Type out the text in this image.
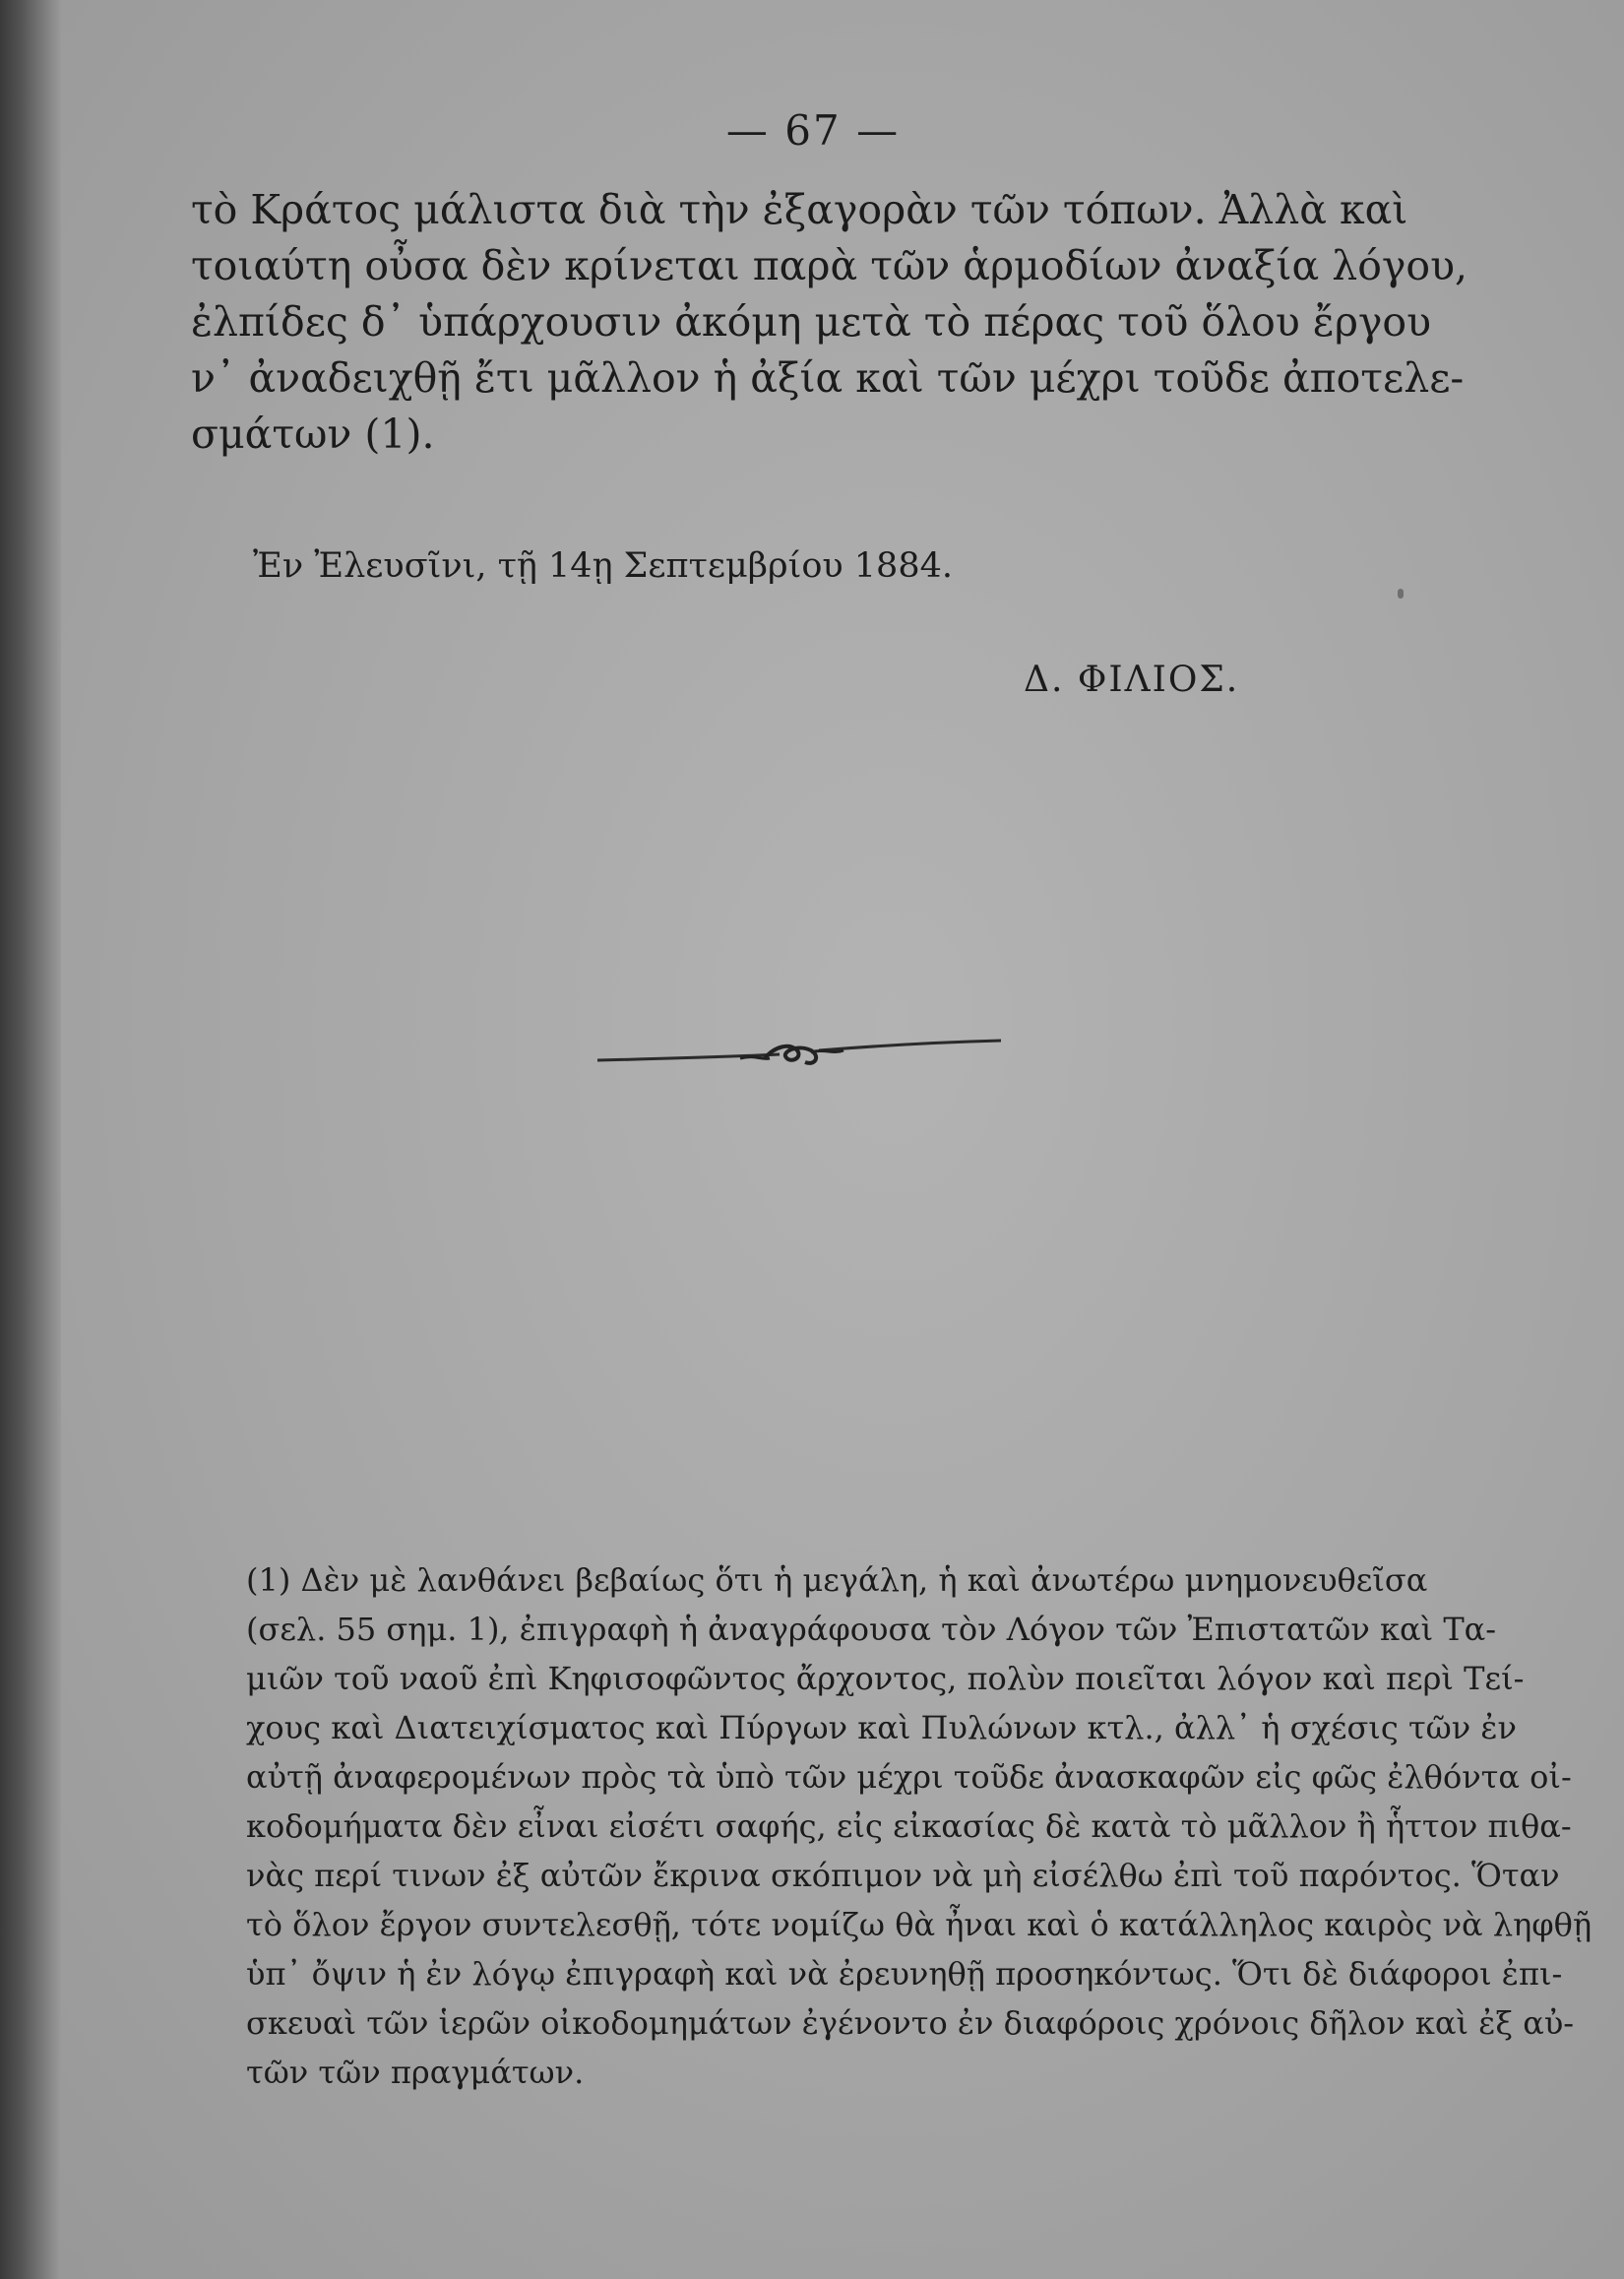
— 67 —
τὸ Κράτος μάλιστα διὰ τὴν ἐξαγορὰν τῶν τόπων. Ἀλλὰ καὶ
τοιαύτη οὖσα δὲν κρίνεται παρὰ τῶν ἁρμοδίων ἀναξία λόγου,
ἐλπίδες δ᾽ ὑπάρχουσιν ἀκόμη μετὰ τὸ πέρας τοῦ ὅλου ἔργου
ν᾽ ἀναδειχθῇ ἔτι μᾶλλον ἡ ἀξία καὶ τῶν μέχρι τοῦδε ἀποτελε-
σμάτων (1).
Ἐν Ἐλευσῖνι, τῇ 14ῃ Σεπτεμβρίου 1884.
Δ. ΦΙΛΙΟΣ.
(1) Δὲν μὲ λανθάνει βεβαίως ὅτι ἡ μεγάλη, ἡ καὶ ἀνωτέρω μνημονευθεῖσα
(σελ. 55 σημ. 1), ἐπιγραφὴ ἡ ἀναγράφουσα τὸν Λόγον τῶν Ἐπιστατῶν καὶ Τα-
μιῶν τοῦ ναοῦ ἐπὶ Κηφισοφῶντος ἄρχοντος, πολὺν ποιεῖται λόγον καὶ περὶ Τεί-
χους καὶ Διατειχίσματος καὶ Πύργων καὶ Πυλώνων κτλ., ἀλλ᾽ ἡ σχέσις τῶν ἐν
αὐτῇ ἀναφερομένων πρὸς τὰ ὑπὸ τῶν μέχρι τοῦδε ἀνασκαφῶν εἰς φῶς ἐλθόντα οἰ-
κοδομήματα δὲν εἶναι εἰσέτι σαφής, εἰς εἰκασίας δὲ κατὰ τὸ μᾶλλον ἢ ἧττον πιθα-
νὰς περί τινων ἐξ αὐτῶν ἔκρινα σκόπιμον νὰ μὴ εἰσέλθω ἐπὶ τοῦ παρόντος. Ὅταν
τὸ ὅλον ἔργον συντελεσθῇ, τότε νομίζω θὰ ἦναι καὶ ὁ κατάλληλος καιρὸς νὰ ληφθῇ
ὑπ᾽ ὄψιν ἡ ἐν λόγῳ ἐπιγραφὴ καὶ νὰ ἐρευνηθῇ προσηκόντως. Ὅτι δὲ διάφοροι ἐπι-
σκευαὶ τῶν ἱερῶν οἰκοδομημάτων ἐγένοντο ἐν διαφόροις χρόνοις δῆλον καὶ ἐξ αὐ-
τῶν τῶν πραγμάτων.
